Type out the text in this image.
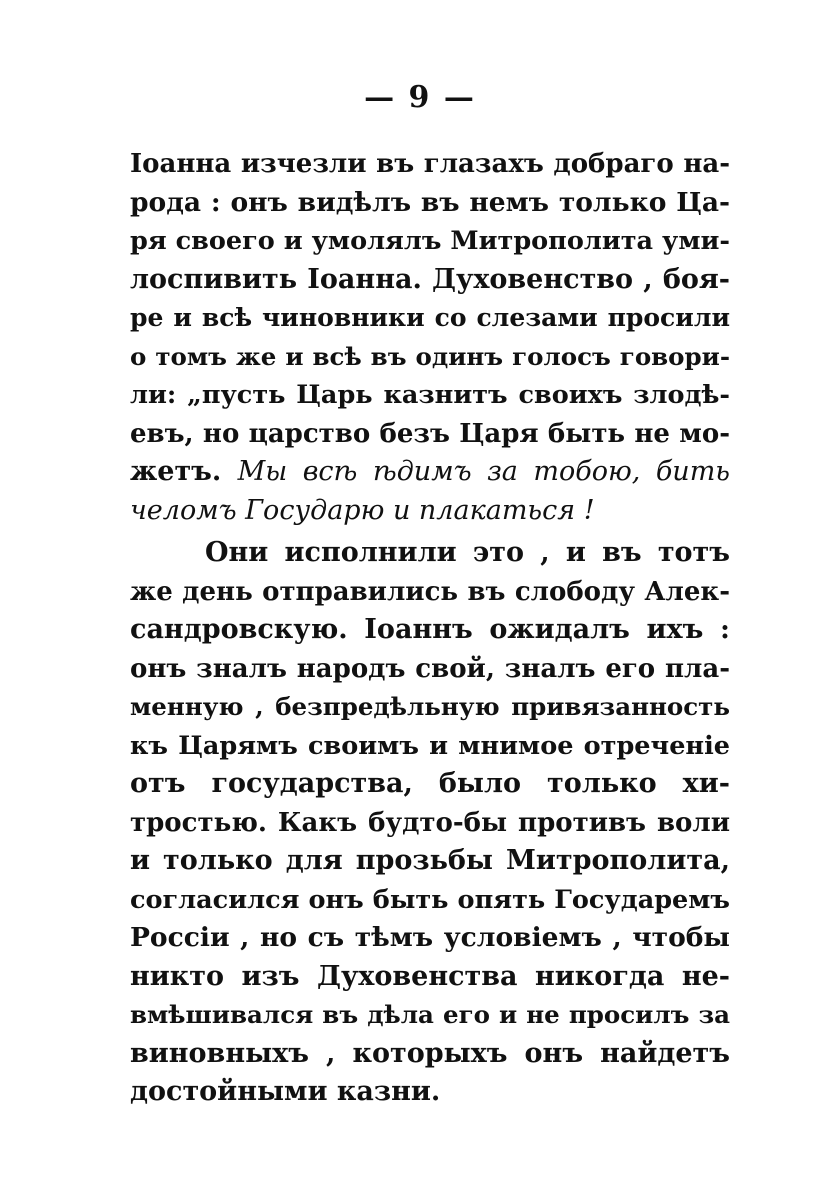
— 9 —
Іоанна изчезли въ глазахъ добраго на-
рода : онъ видѣлъ въ немъ только Ца-
ря своего и умолялъ Митрополита уми-
лоспивить Іоанна. Духовенство , боя-
ре и всѣ чиновники со слезами просили
о томъ же и всѣ въ одинъ голосъ говори-
ли: „пусть Царь казнитъ своихъ злодѣ-
евъ, но царство безъ Царя быть не мо-
жетъ. Мы всѣ ѣдимъ за тобою, бить
челомъ Государю и плакаться !
Они исполнили это , и въ тотъ
же день отправились въ слободу Алек-
сандровскую. Іоаннъ ожидалъ ихъ :
онъ зналъ народъ свой, зналъ его пла-
менную , безпредѣльную привязанность
къ Царямъ своимъ и мнимое отреченіе
отъ государства, было только хи-
тростью. Какъ будто-бы противъ воли
и только для прозьбы Митрополита,
согласился онъ быть опять Государемъ
Россіи , но съ тѣмъ условіемъ , чтобы
никто изъ Духовенства никогда не-
вмѣшивался въ дѣла его и не просилъ за
виновныхъ , которыхъ онъ найдетъ
достойными казни.
